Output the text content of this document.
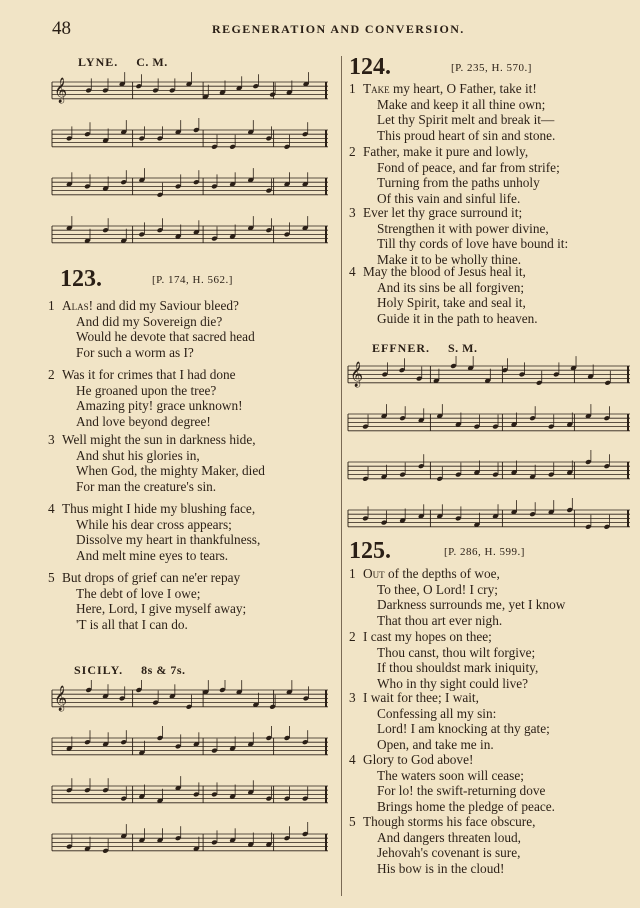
48	REGENERATION AND CONVERSION.
LYNE. C. M.
𝄞
123.	[P. 174, H. 562.]
1 Alas! and did my Saviour bleed?
And did my Sovereign die?
Would he devote that sacred head
For such a worm as I?
2 Was it for crimes that I had done
He groaned upon the tree?
Amazing pity! grace unknown!
And love beyond degree!
3 Well might the sun in darkness hide,
And shut his glories in,
When God, the mighty Maker, died
For man the creature's sin.
4 Thus might I hide my blushing face,
While his dear cross appears;
Dissolve my heart in thankfulness,
And melt mine eyes to tears.
5 But drops of grief can ne'er repay
The debt of love I owe;
Here, Lord, I give myself away;
'T is all that I can do.
SICILY. 8s & 7s.
𝄞
124.	[P. 235, H. 570.]
1 Take my heart, O Father, take it!
Make and keep it all thine own;
Let thy Spirit melt and break it—
This proud heart of sin and stone.
2 Father, make it pure and lowly,
Fond of peace, and far from strife;
Turning from the paths unholy
Of this vain and sinful life.
3 Ever let thy grace surround it;
Strengthen it with power divine,
Till thy cords of love have bound it:
Make it to be wholly thine.
4 May the blood of Jesus heal it,
And its sins be all forgiven;
Holy Spirit, take and seal it,
Guide it in the path to heaven.
EFFNER. S. M.
𝄞
125.	[P. 286, H. 599.]
1 Out of the depths of woe,
To thee, O Lord! I cry;
Darkness surrounds me, yet I know
That thou art ever nigh.
2 I cast my hopes on thee;
Thou canst, thou wilt forgive;
If thou shouldst mark iniquity,
Who in thy sight could live?
3 I wait for thee; I wait,
Confessing all my sin:
Lord! I am knocking at thy gate;
Open, and take me in.
4 Glory to God above!
The waters soon will cease;
For lo! the swift-returning dove
Brings home the pledge of peace.
5 Though storms his face obscure,
And dangers threaten loud,
Jehovah's covenant is sure,
His bow is in the cloud!
